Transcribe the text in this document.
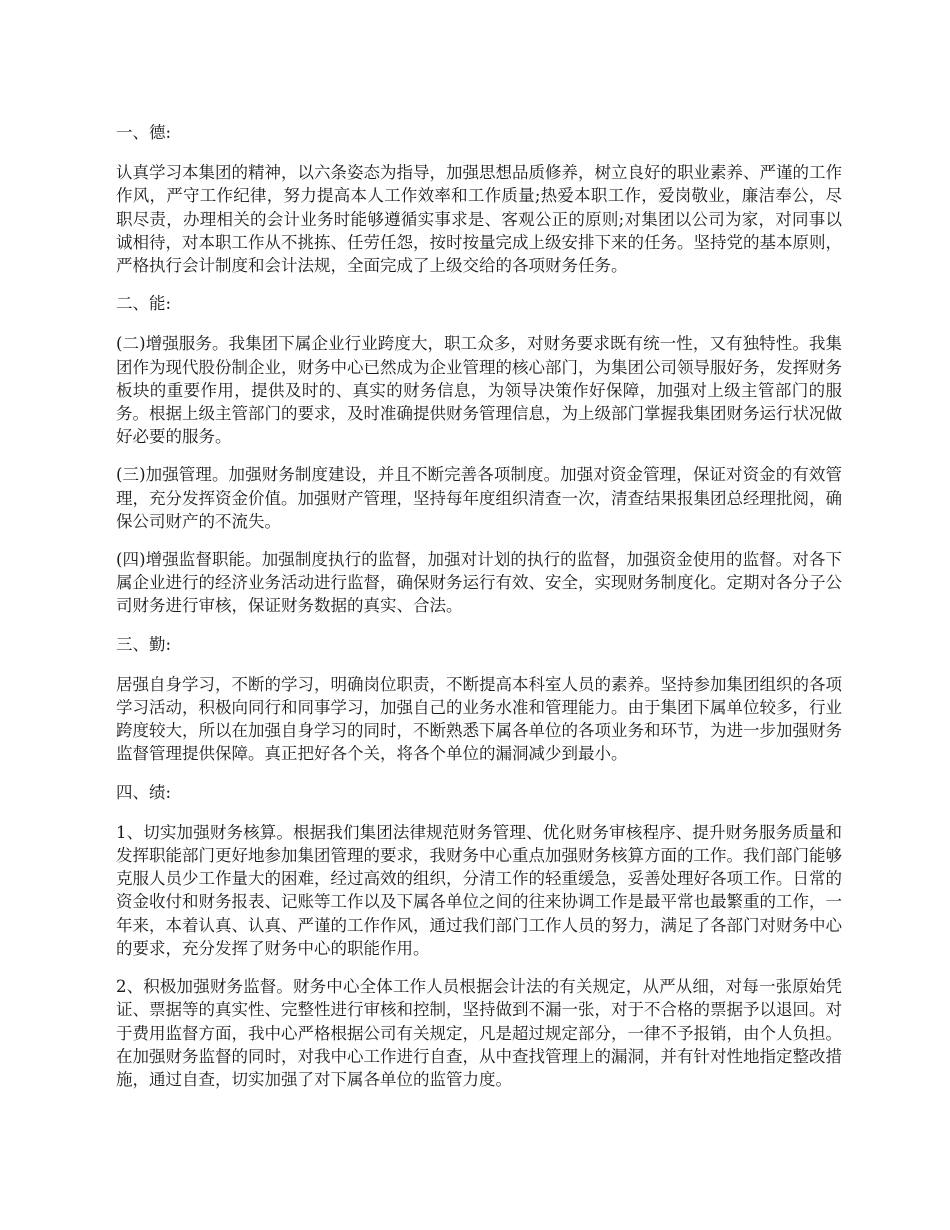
一、德:

认真学习本集团的精神，以六条姿态为指导，加强思想品质修养，树立良好的职业素养、严谨的工作作风，严守工作纪律，努力提高本人工作效率和工作质量;热爱本职工作，爱岗敬业，廉洁奉公，尽职尽责，办理相关的会计业务时能够遵循实事求是、客观公正的原则;对集团以公司为家，对同事以诚相待，对本职工作从不挑拣、任劳任怨，按时按量完成上级安排下来的任务。坚持党的基本原则，严格执行会计制度和会计法规，全面完成了上级交给的各项财务任务。

二、能:

(二)增强服务。我集团下属企业行业跨度大，职工众多，对财务要求既有统一性，又有独特性。我集团作为现代股份制企业，财务中心已然成为企业管理的核心部门，为集团公司领导服好务，发挥财务板块的重要作用，提供及时的、真实的财务信息，为领导决策作好保障，加强对上级主管部门的服务。根据上级主管部门的要求，及时准确提供财务管理信息，为上级部门掌握我集团财务运行状况做好必要的服务。

(三)加强管理。加强财务制度建设，并且不断完善各项制度。加强对资金管理，保证对资金的有效管理，充分发挥资金价值。加强财产管理，坚持每年度组织清查一次，清查结果报集团总经理批阅，确保公司财产的不流失。

(四)增强监督职能。加强制度执行的监督，加强对计划的执行的监督，加强资金使用的监督。对各下属企业进行的经济业务活动进行监督，确保财务运行有效、安全，实现财务制度化。定期对各分子公司财务进行审核，保证财务数据的真实、合法。

三、勤:

居强自身学习，不断的学习，明确岗位职责，不断提高本科室人员的素养。坚持参加集团组织的各项学习活动，积极向同行和同事学习，加强自己的业务水准和管理能力。由于集团下属单位较多，行业跨度较大，所以在加强自身学习的同时，不断熟悉下属各单位的各项业务和环节，为进一步加强财务监督管理提供保障。真正把好各个关，将各个单位的漏洞减少到最小。

四、绩:

1、切实加强财务核算。根据我们集团法律规范财务管理、优化财务审核程序、提升财务服务质量和发挥职能部门更好地参加集团管理的要求，我财务中心重点加强财务核算方面的工作。我们部门能够克服人员少工作量大的困难，经过高效的组织，分清工作的轻重缓急，妥善处理好各项工作。日常的资金收付和财务报表、记账等工作以及下属各单位之间的往来协调工作是最平常也最繁重的工作，一年来，本着认真、认真、严谨的工作作风，通过我们部门工作人员的努力，满足了各部门对财务中心的要求，充分发挥了财务中心的职能作用。

2、积极加强财务监督。财务中心全体工作人员根据会计法的有关规定，从严从细，对每一张原始凭证、票据等的真实性、完整性进行审核和控制，坚持做到不漏一张，对于不合格的票据予以退回。对于费用监督方面，我中心严格根据公司有关规定，凡是超过规定部分，一律不予报销，由个人负担。在加强财务监督的同时，对我中心工作进行自查，从中查找管理上的漏洞，并有针对性地指定整改措施，通过自查，切实加强了对下属各单位的监管力度。
